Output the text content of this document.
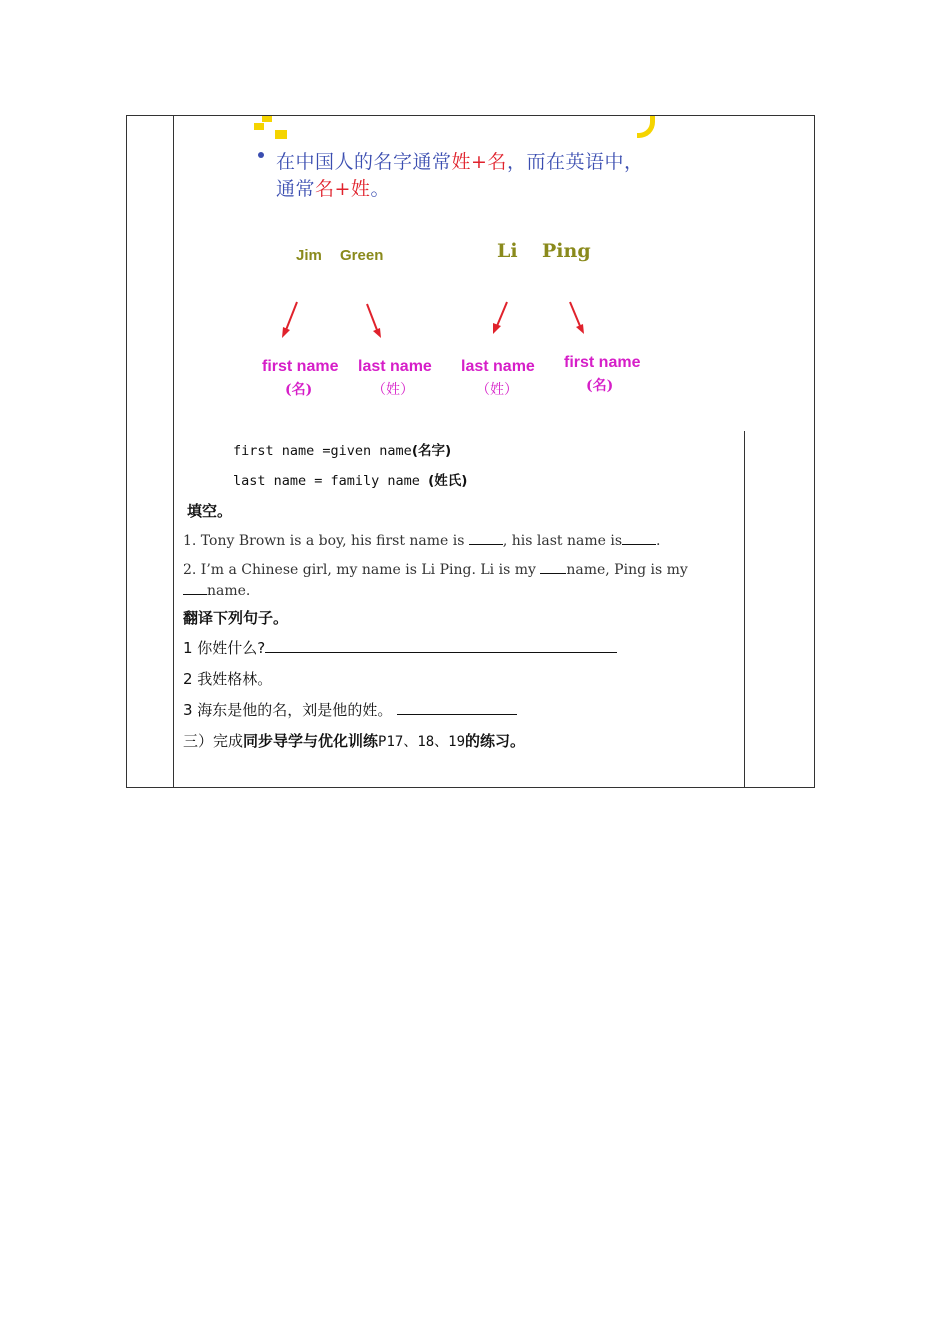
在中国人的名字通常姓+名，而在英语中，
通常名+姓。
Jim Green	Li Ping
first name
(名)
last name
（姓）
last name
（姓）
first name
(名)
first name =given name(名字)
last name = family name (姓氏)
填空。
1. Tony Brown is a boy, his first name is	, his last name is .
2. I’m a Chinese girl, my name is Li Ping. Li is my name, Ping is my
name.
翻译下列句子。
1 你姓什么?
2 我姓格林。
3 海东是他的名，刘是他的姓。
三）完成同步导学与优化训练P17、18、19的练习。
